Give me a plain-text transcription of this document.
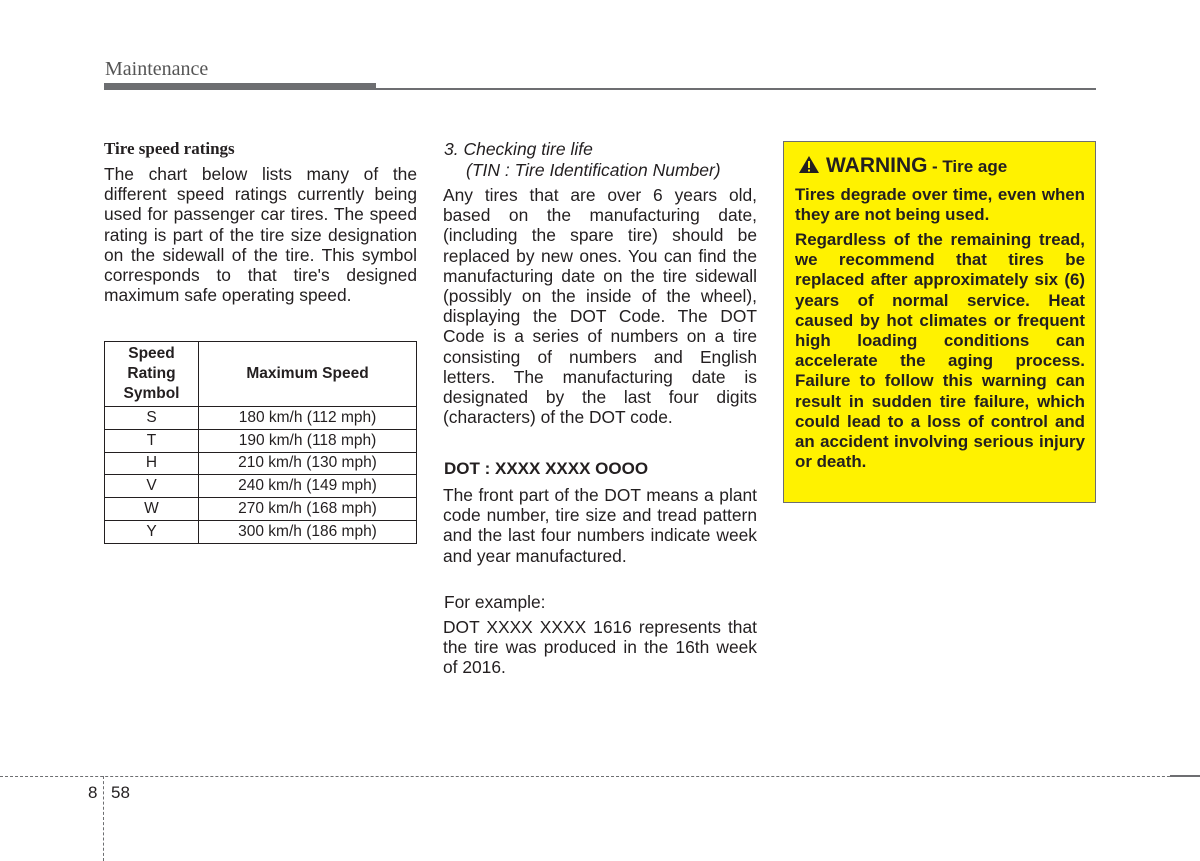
Maintenance
Tire speed ratings

The chart below lists many of the different speed ratings currently being used for passenger car tires. The speed rating is part of the tire size designation on the sidewall of the tire. This symbol corresponds to that tire's designed maximum safe operating speed.

Speed Rating Symbol	Maximum Speed
S	180 km/h (112 mph)
T	190 km/h (118 mph)
H	210 km/h (130 mph)
V	240 km/h (149 mph)
W	270 km/h (168 mph)
Y	300 km/h (186 mph)
3. Checking tire life
(TIN : Tire Identification Number)

Any tires that are over 6 years old, based on the manufacturing date, (including the spare tire) should be replaced by new ones. You can find the manufacturing date on the tire sidewall (possibly on the inside of the wheel), displaying the DOT Code. The DOT Code is a series of numbers on a tire consisting of numbers and English letters. The manufacturing date is designated by the last four digits (characters) of the DOT code.

DOT : XXXX XXXX OOOO

The front part of the DOT means a plant code number, tire size and tread pattern and the last four numbers indicate week and year manufactured.

For example:

DOT XXXX XXXX 1616 represents that the tire was produced in the 16th week of 2016.

WARNING - Tire age

Tires degrade over time, even when they are not being used.

Regardless of the remaining tread, we recommend that tires be replaced after approximately six (6) years of normal service. Heat caused by hot climates or frequent high loading conditions can accelerate the aging process. Failure to follow this warning can result in sudden tire failure, which could lead to a loss of control and an accident involving serious injury or death.

8 58
